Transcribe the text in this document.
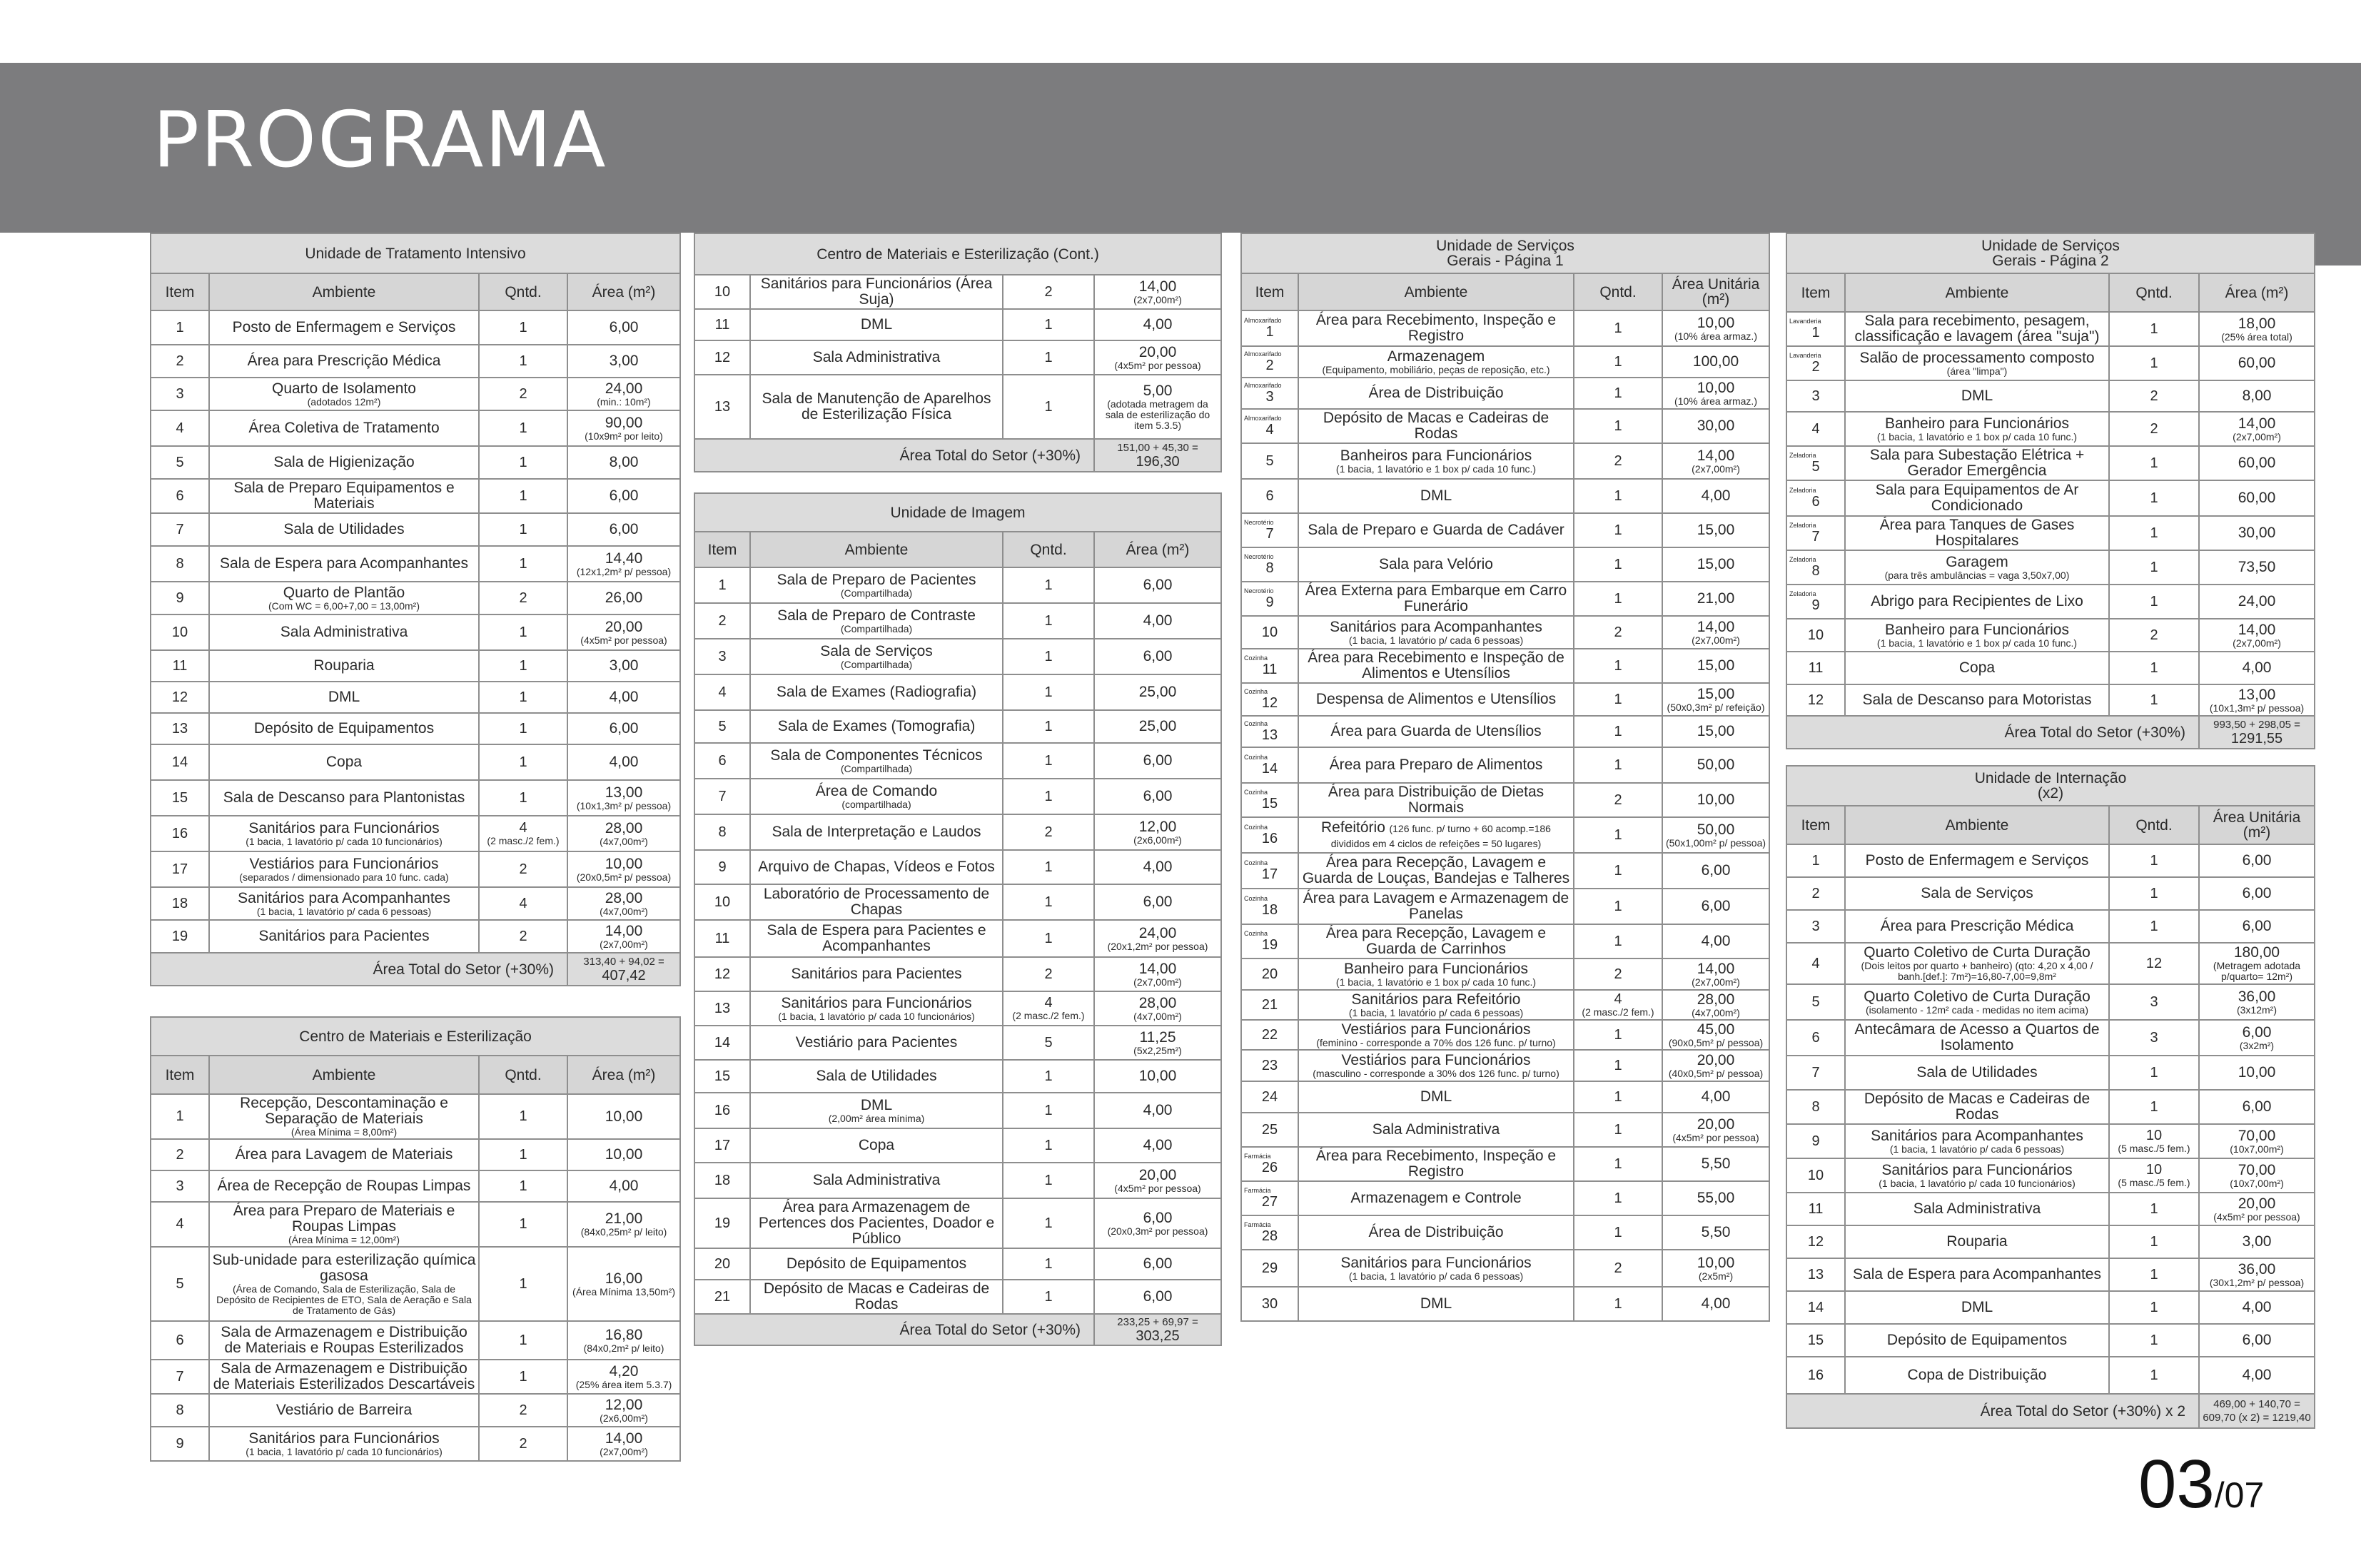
PROGRAMA
Unidade de Tratamento Intensivo			
Item	Ambiente	Qntd.	Área (m²)
1	Posto de Enfermagem e Serviços	1	6,00
2	Área para Prescrição Médica	1	3,00
3	Quarto de Isolamento
(adotados 12m²)	2	24,00
(min.: 10m²)

4	Área Coletiva de Tratamento	1	90,00
(10x9m² por leito)

5	Sala de Higienização	1	8,00
6	Sala de Preparo Equipamentos e Materiais	1	6,00
7	Sala de Utilidades	1	6,00
8	Sala de Espera para Acompanhantes	1	14,40
(12x1,2m² p/ pessoa)

9	Quarto de Plantão
(Com WC = 6,00+7,00 = 13,00m²)	2	26,00
10	Sala Administrativa	1	20,00
(4x5m² por pessoa)

11	Rouparia	1	3,00
12	DML	1	4,00
13	Depósito de Equipamentos	1	6,00
14	Copa	1	4,00
15	Sala de Descanso para Plantonistas	1	13,00
(10x1,3m² p/ pessoa)

16	Sanitários para Funcionários
(1 bacia, 1 lavatório p/ cada 10 funcionários)	4
(2 masc./2 fem.)	28,00
(4x7,00m²)

17	Vestiários para Funcionários
(separados / dimensionado para 10 func. cada)	2	10,00
(20x0,5m² p/ pessoa)

18	Sanitários para Acompanhantes
(1 bacia, 1 lavatório p/ cada 6 pessoas)	4	28,00
(4x7,00m²)

19	Sanitários para Pacientes	2	14,00
(2x7,00m²)

Área Total do Setor (+30%)			313,40 + 94,02 =
407,42
Centro de Materiais e Esterilização			
Item	Ambiente	Qntd.	Área (m²)
1	Recepção, Descontaminação e Separação de Materiais
(Área Mínima = 8,00m²)	1	10,00
2	Área para Lavagem de Materiais	1	10,00
3	Área de Recepção de Roupas Limpas	1	4,00
4	Área para Preparo de Materiais e Roupas Limpas
(Área Mínima = 12,00m²)	1	21,00
(84x0,25m² p/ leito)

5	Sub-unidade para esterilização química gasosa
(Área de Comando, Sala de Esterilização, Sala de Depósito de Recipientes de ETO, Sala de Aeração e Sala de Tratamento de Gás)	1	16,00
(Área Mínima 13,50m²)

6	Sala de Armazenagem e Distribuição de Materiais e Roupas Esterilizados	1	16,80
(84x0,2m² p/ leito)

7	Sala de Armazenagem e Distribuição de Materiais Esterilizados Descartáveis	1	4,20
(25% área item 5.3.7)

8	Vestiário de Barreira	2	12,00
(2x6,00m²)

9	Sanitários para Funcionários
(1 bacia, 1 lavatório p/ cada 10 funcionários)	2	14,00
(2x7,00m²)
Centro de Materiais e Esterilização (Cont.)			
10	Sanitários para Funcionários (Área Suja)	2	14,00
(2x7,00m²)

11	DML	1	4,00
12	Sala Administrativa	1	20,00
(4x5m² por pessoa)

13	Sala de Manutenção de Aparelhos de Esterilização Física	1	5,00
(adotada metragem da sala de esterilização do item 5.3.5)

Área Total do Setor (+30%)			151,00 + 45,30 =
196,30
Unidade de Imagem			
Item	Ambiente	Qntd.	Área (m²)
1	Sala de Preparo de Pacientes
(Compartilhada)	1	6,00
2	Sala de Preparo de Contraste
(Compartilhada)	1	4,00
3	Sala de Serviços
(Compartilhada)	1	6,00
4	Sala de Exames (Radiografia)	1	25,00
5	Sala de Exames (Tomografia)	1	25,00
6	Sala de Componentes Técnicos
(Compartilhada)	1	6,00
7	Área de Comando
(compartilhada)	1	6,00
8	Sala de Interpretação e Laudos	2	12,00
(2x6,00m²)

9	Arquivo de Chapas, Vídeos e Fotos	1	4,00
10	Laboratório de Processamento de Chapas	1	6,00
11	Sala de Espera para Pacientes e Acompanhantes	1	24,00
(20x1,2m² por pessoa)

12	Sanitários para Pacientes	2	14,00
(2x7,00m²)

13	Sanitários para Funcionários
(1 bacia, 1 lavatório p/ cada 10 funcionários)	4
(2 masc./2 fem.)	28,00
(4x7,00m²)

14	Vestiário para Pacientes	5	11,25
(5x2,25m²)

15	Sala de Utilidades	1	10,00
16	DML
(2,00m² área mínima)	1	4,00
17	Copa	1	4,00
18	Sala Administrativa	1	20,00
(4x5m² por pessoa)

19	Área para Armazenagem de Pertences dos Pacientes, Doador e Público	1	6,00
(20x0,3m² por pessoa)

20	Depósito de Equipamentos	1	6,00
21	Depósito de Macas e Cadeiras de Rodas	1	6,00
Área Total do Setor (+30%)			233,25 + 69,97 =
303,25
Unidade de Serviços
Gerais - Página 1			
Item	Ambiente	Qntd.	Área Unitária (m²)

Almoxarifado
1	Área para Recebimento, Inspeção e Registro	1	10,00
(10% área armaz.)

Almoxarifado
2	Armazenagem
(Equipamento, mobiliário, peças de reposição, etc.)	1	100,00

Almoxarifado
3	Área de Distribuição	1	10,00
(10% área armaz.)

Almoxarifado
4	Depósito de Macas e Cadeiras de Rodas	1	30,00
5	Banheiros para Funcionários
(1 bacia, 1 lavatório e 1 box p/ cada 10 func.)	2	14,00
(2x7,00m²)

6	DML	1	4,00

Necrotério
7	Sala de Preparo e Guarda de Cadáver	1	15,00

Necrotério
8	Sala para Velório	1	15,00

Necrotério
9	Área Externa para Embarque em Carro Funerário	1	21,00
10	Sanitários para Acompanhantes
(1 bacia, 1 lavatório p/ cada 6 pessoas)	2	14,00
(2x7,00m²)

Cozinha
11	Área para Recebimento e Inspeção de Alimentos e Utensílios	1	15,00

Cozinha
12	Despensa de Alimentos e Utensílios	1	15,00
(50x0,3m² p/ refeição)

Cozinha
13	Área para Guarda de Utensílios	1	15,00

Cozinha
14	Área para Preparo de Alimentos	1	50,00

Cozinha
15	Área para Distribuição de Dietas Normais	2	10,00

Cozinha
16	Refeitório (126 func. p/ turno + 60 acomp.=186 divididos em 4 ciclos de refeições = 50 lugares)	1	50,00
(50x1,00m² p/ pessoa)

Cozinha
17	Área para Recepção, Lavagem e Guarda de Louças, Bandejas e Talheres	1	6,00

Cozinha
18	Área para Lavagem e Armazenagem de Panelas	1	6,00

Cozinha
19	Área para Recepção, Lavagem e Guarda de Carrinhos	1	4,00
20	Banheiro para Funcionários
(1 bacia, 1 lavatório e 1 box p/ cada 10 func.)	2	14,00
(2x7,00m²)

21	Sanitários para Refeitório
(1 bacia, 1 lavatório p/ cada 6 pessoas)	4
(2 masc./2 fem.)	28,00
(4x7,00m²)

22	Vestiários para Funcionários
(feminino - corresponde a 70% dos 126 func. p/ turno)	1	45,00
(90x0,5m² p/ pessoa)

23	Vestiários para Funcionários
(masculino - corresponde a 30% dos 126 func. p/ turno)	1	20,00
(40x0,5m² p/ pessoa)

24	DML	1	4,00
25	Sala Administrativa	1	20,00
(4x5m² por pessoa)

Farmácia
26	Área para Recebimento, Inspeção e Registro	1	5,50

Farmácia
27	Armazenagem e Controle	1	55,00

Farmácia
28	Área de Distribuição	1	5,50
29	Sanitários para Funcionários
(1 bacia, 1 lavatório p/ cada 6 pessoas)	2	10,00
(2x5m²)

30	DML	1	4,00
Unidade de Serviços
Gerais - Página 2			
Item	Ambiente	Qntd.	Área (m²)

Lavanderia
1	Sala para recebimento, pesagem, classificação e lavagem (área "suja")	1	18,00
(25% área total)

Lavanderia
2	Salão de processamento composto
(área "limpa")	1	60,00
3	DML	2	8,00
4	Banheiro para Funcionários
(1 bacia, 1 lavatório e 1 box p/ cada 10 func.)	2	14,00
(2x7,00m²)

Zeladoria
5	Sala para Subestação Elétrica + Gerador Emergência	1	60,00

Zeladoria
6	Sala para Equipamentos de Ar Condicionado	1	60,00

Zeladoria
7	Área para Tanques de Gases Hospitalares	1	30,00

Zeladoria
8	Garagem
(para três ambulâncias = vaga 3,50x7,00)	1	73,50

Zeladoria
9	Abrigo para Recipientes de Lixo	1	24,00
10	Banheiro para Funcionários
(1 bacia, 1 lavatório e 1 box p/ cada 10 func.)	2	14,00
(2x7,00m²)

11	Copa	1	4,00
12	Sala de Descanso para Motoristas	1	13,00
(10x1,3m² p/ pessoa)

Área Total do Setor (+30%)			993,50 + 298,05 =
1291,55
Unidade de Internação
(x2)			
Item	Ambiente	Qntd.	Área Unitária (m²)
1	Posto de Enfermagem e Serviços	1	6,00
2	Sala de Serviços	1	6,00
3	Área para Prescrição Médica	1	6,00
4	Quarto Coletivo de Curta Duração
(Dois leitos por quarto + banheiro) (qto: 4,20 x 4,00 / banh.[def.]: 7m²)=16,80-7,00=9,8m²	12	180,00
(Metragem adotada p/quarto= 12m²)

5	Quarto Coletivo de Curta Duração
(isolamento - 12m² cada - medidas no item acima)	3	36,00
(3x12m²)

6	Antecâmara de Acesso a Quartos de Isolamento	3	6,00
(3x2m²)

7	Sala de Utilidades	1	10,00
8	Depósito de Macas e Cadeiras de Rodas	1	6,00
9	Sanitários para Acompanhantes
(1 bacia, 1 lavatório p/ cada 6 pessoas)	10
(5 masc./5 fem.)	70,00
(10x7,00m²)

10	Sanitários para Funcionários
(1 bacia, 1 lavatório p/ cada 10 funcionários)	10
(5 masc./5 fem.)	70,00
(10x7,00m²)

11	Sala Administrativa	1	20,00
(4x5m² por pessoa)

12	Rouparia	1	3,00
13	Sala de Espera para Acompanhantes	1	36,00
(30x1,2m² p/ pessoa)

14	DML	1	4,00
15	Depósito de Equipamentos	1	6,00
16	Copa de Distribuição	1	4,00
Área Total do Setor (+30%) x 2			469,00 + 140,70 = 609,70 (x 2) = 1219,40
03/07
